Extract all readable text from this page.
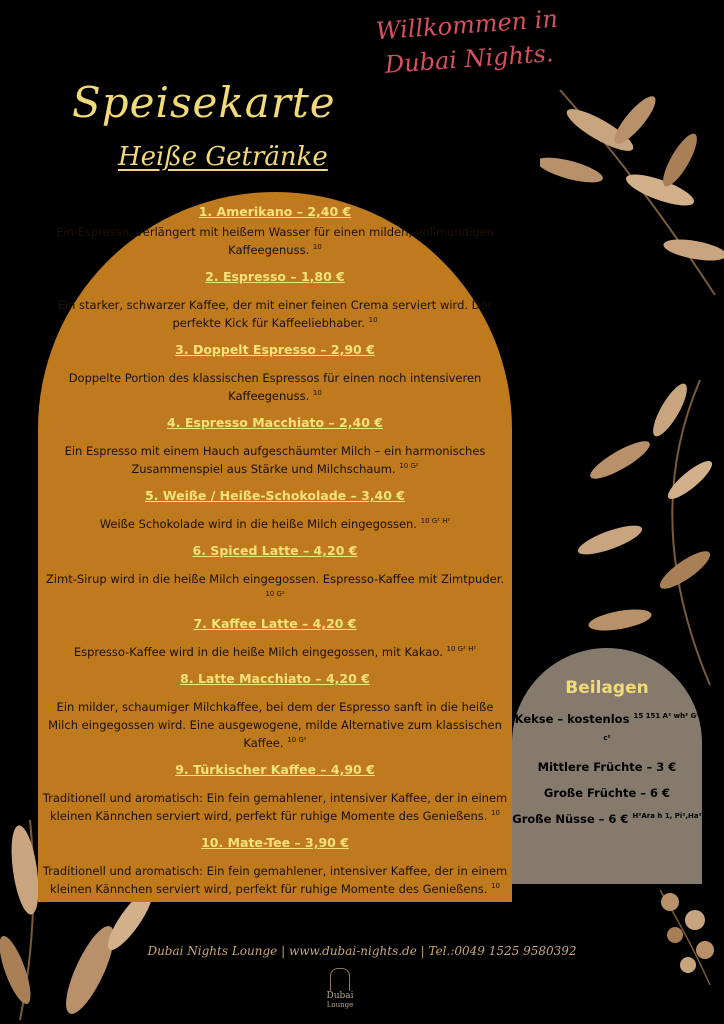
Willkommen in Dubai Nights.
Speisekarte
Heiße Getränke
1. Amerikano – 2,40 €
Ein Espresso, verlängert mit heißem Wasser für einen milden, vollmundigen Kaffeegenuss. $^{10}$
2. Espresso – 1,80 €
Ein starker, schwarzer Kaffee, der mit einer feinen Crema serviert wird. Der perfekte Kick für Kaffeeliebhaber. $^{10}$
3. Doppelt Espresso – 2,90 €
Doppelte Portion des klassischen Espressos für einen noch intensiveren Kaffeegenuss. $^{10}$
4. Espresso Macchiato – 2,40 €
Ein Espresso mit einem Hauch aufgeschäumter Milch – ein harmonisches Zusammenspiel aus Stärke und Milchschaum. $^{10 G^2}$
5. Weiße / Heiße-Schokolade – 3,40 €
Weiße Schokolade wird in die heiße Milch eingegossen. $^{10 G^2 H^2}$
6. Spiced Latte – 4,20 €
Zimt-Sirup wird in die heiße Milch eingegossen. Espresso-Kaffee mit Zimtpuder. $^{10 G^2}$
7. Kaffee Latte – 4,20 €
Espresso-Kaffee wird in die heiße Milch eingegossen, mit Kakao. $^{10 G^2 H^2}$
8. Latte Macchiato – 4,20 €
Ein milder, schaumiger Milchkaffee, bei dem der Espresso sanft in die heiße Milch eingegossen wird. Eine ausgewogene, milde Alternative zum klassischen Kaffee. $^{10 G^2}$
9. Türkischer Kaffee – 4,90 €
Traditionell und aromatisch: Ein fein gemahlener, intensiver Kaffee, der in einem kleinen Kännchen serviert wird, perfekt für ruhige Momente des Genießens. $^{10}$
10. Mate-Tee – 3,90 €
Traditionell und aromatisch: Ein fein gemahlener, intensiver Kaffee, der in einem kleinen Kännchen serviert wird, perfekt für ruhige Momente des Genießens. $^{10}$
Beilagen
Kekse – kostenlos $^{15 151 A^2 wh^2 G^2 c^2}$
Mittlere Früchte – 3 €
Große Früchte – 6 €
Große Nüsse – 6 € $^{H^2Ara h 1, Pi^2,Ha^2}$
Dubai Nights Lounge | www.dubai-nights.de | Tel.:0049 1525 9580392
Dubai
Lounge
